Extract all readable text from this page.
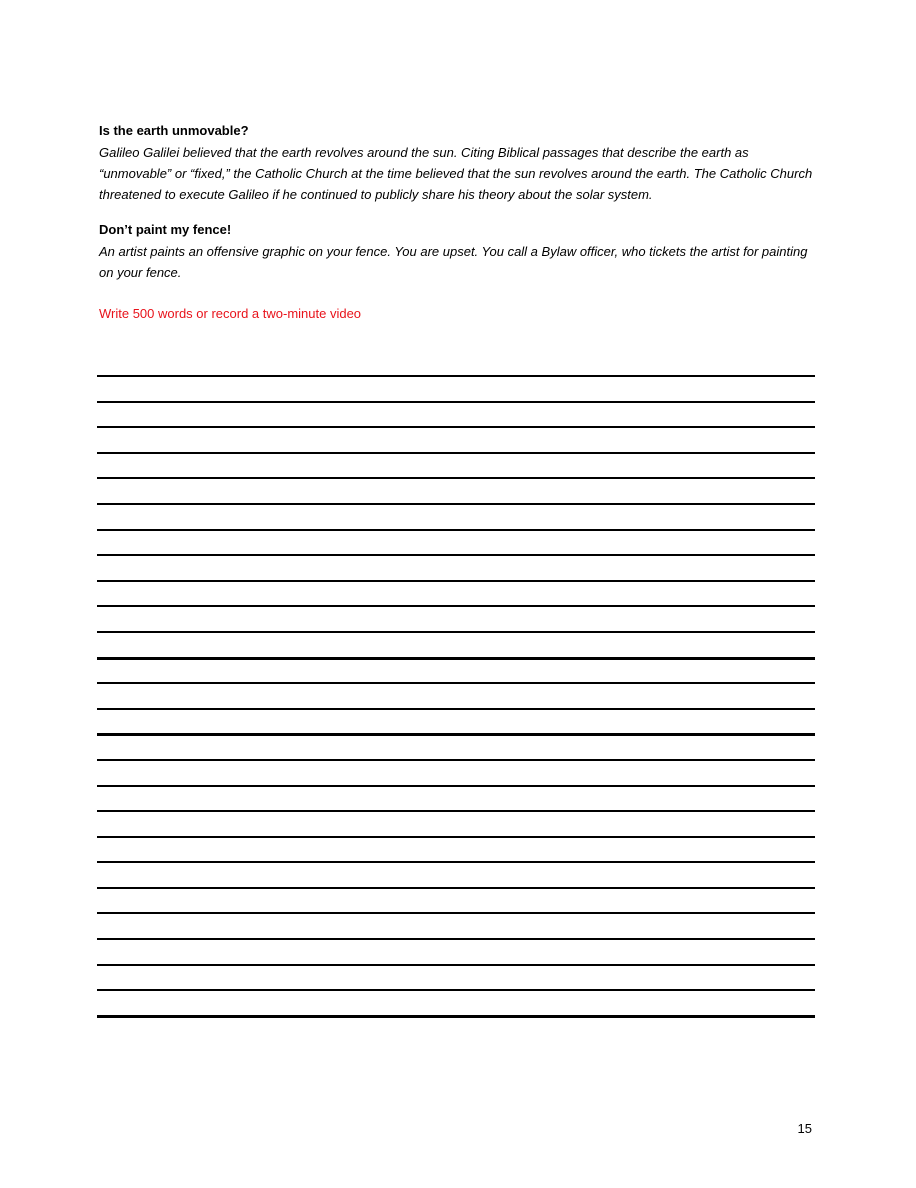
Is the earth unmovable?

Galileo Galilei believed that the earth revolves around the sun. Citing Biblical passages that describe the earth as “unmovable” or “fixed,” the Catholic Church at the time believed that the sun revolves around the earth. The Catholic Church threatened to execute Galileo if he continued to publicly share his theory about the solar system.

Don’t paint my fence!

An artist paints an offensive graphic on your fence. You are upset. You call a Bylaw officer, who tickets the artist for painting on your fence.

Write 500 words or record a two-minute video
15
